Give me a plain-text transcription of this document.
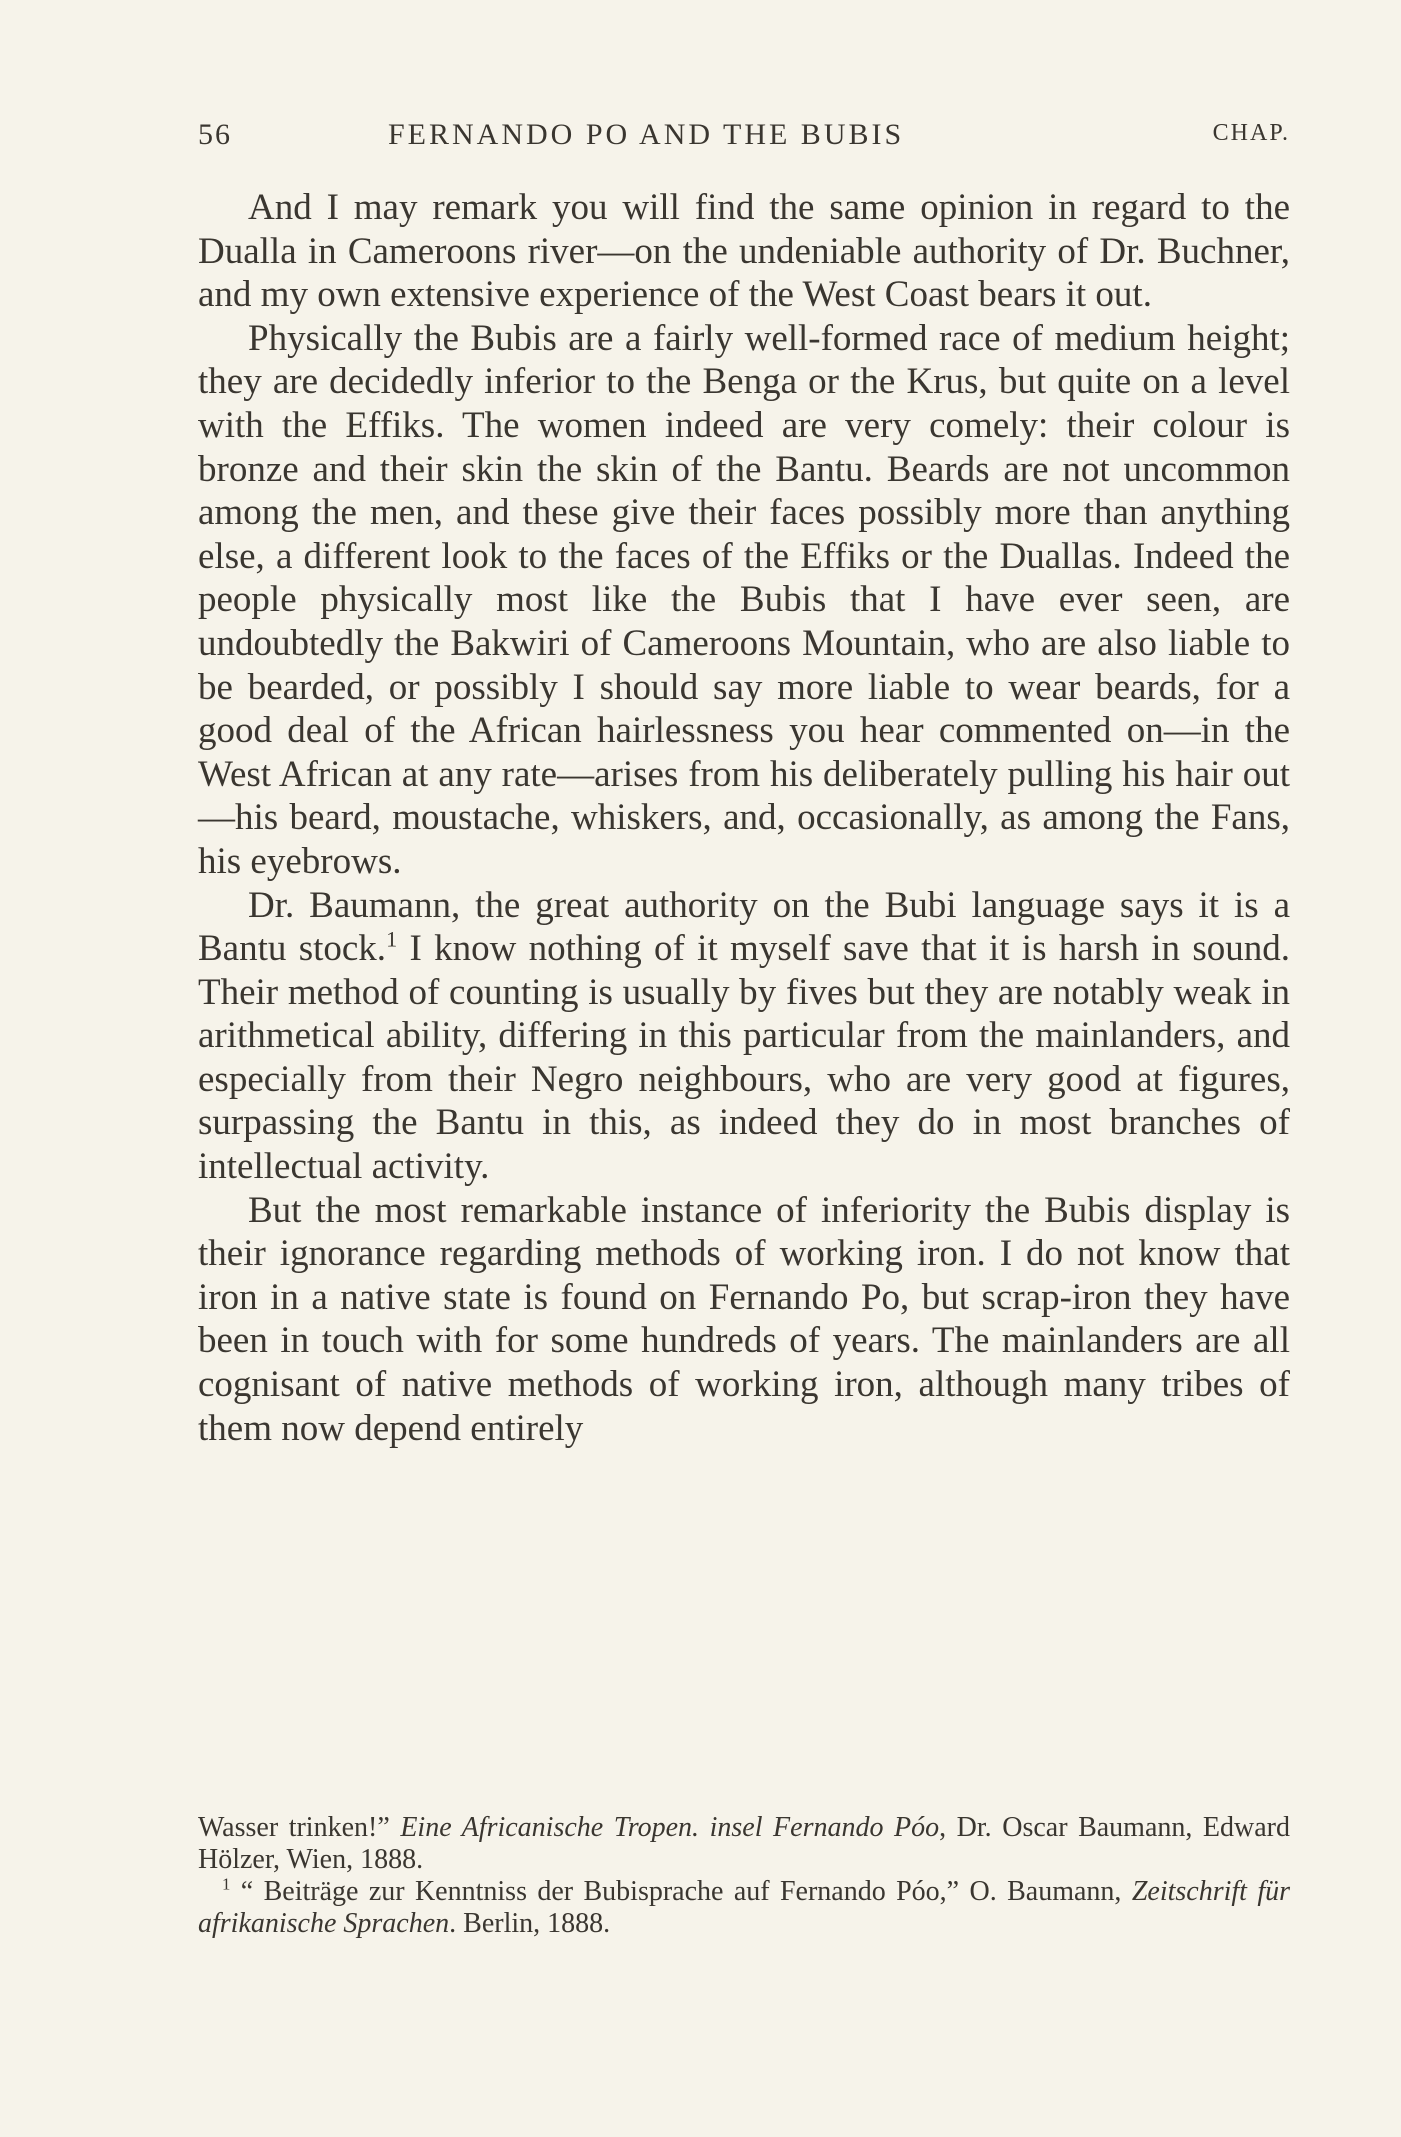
56	FERNANDO PO AND THE BUBIS	CHAP.

And I may remark you will find the same opinion in regard to the Dualla in Cameroons river—on the undeniable authority of Dr. Buchner, and my own extensive experience of the West Coast bears it out.

Physically the Bubis are a fairly well-formed race of medium height; they are decidedly inferior to the Benga or the Krus, but quite on a level with the Effiks. The women indeed are very comely: their colour is bronze and their skin the skin of the Bantu. Beards are not uncommon among the men, and these give their faces possibly more than anything else, a different look to the faces of the Effiks or the Duallas. Indeed the people physically most like the Bubis that I have ever seen, are undoubtedly the Bakwiri of Cameroons Mountain, who are also liable to be bearded, or possibly I should say more liable to wear beards, for a good deal of the African hairlessness you hear commented on—in the West African at any rate—arises from his deliberately pulling his hair out—his beard, moustache, whiskers, and, occasionally, as among the Fans, his eyebrows.

Dr. Baumann, the great authority on the Bubi language says it is a Bantu stock.$^1$ I know nothing of it myself save that it is harsh in sound. Their method of counting is usually by fives but they are notably weak in arithmetical ability, differing in this particular from the mainlanders, and especially from their Negro neighbours, who are very good at figures, surpassing the Bantu in this, as indeed they do in most branches of intellectual activity.

But the most remarkable instance of inferiority the Bubis display is their ignorance regarding methods of working iron. I do not know that iron in a native state is found on Fernando Po, but scrap-iron they have been in touch with for some hundreds of years. The mainlanders are all cognisant of native methods of working iron, although many tribes of them now depend entirely

Wasser trinken!” Eine Africanische Tropen. insel Fernando Póo, Dr. Oscar Baumann, Edward Hölzer, Wien, 1888.

$^1$ “ Beiträge zur Kenntniss der Bubisprache auf Fernando Póo,” O. Baumann, Zeitschrift für afrikanische Sprachen. Berlin, 1888.
